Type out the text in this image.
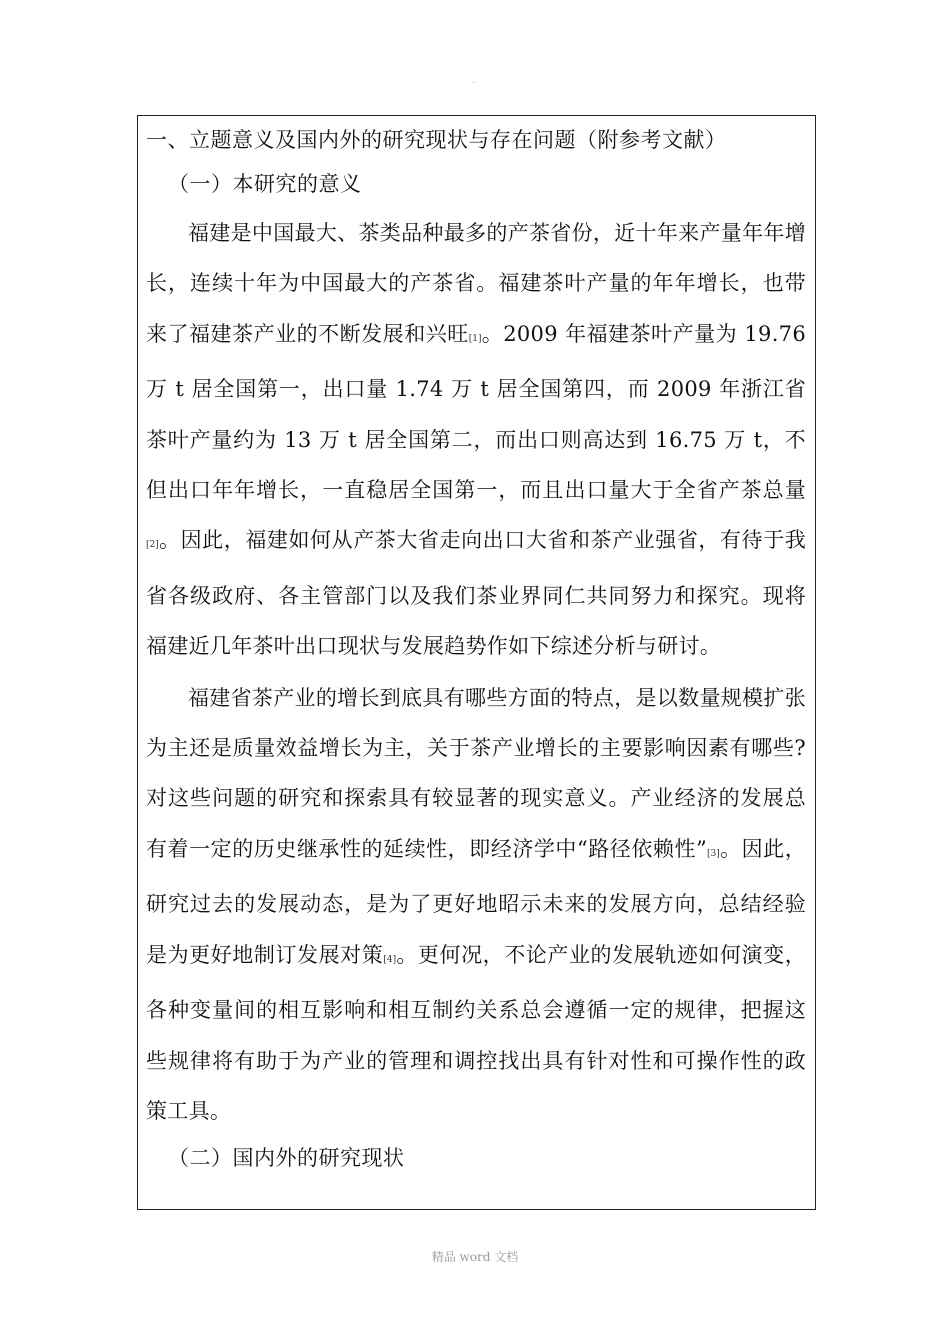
·
一、立题意义及国内外的研究现状与存在问题（附参考文献）
（一）本研究的意义

福建是中国最大、茶类品种最多的产茶省份，近十年来产量年年增长，连续十年为中国最大的产茶省。福建茶叶产量的年年增长，也带来了福建茶产业的不断发展和兴旺[1]。2009 年福建茶叶产量为 19.76 万 t 居全国第一，出口量 1.74 万 t 居全国第四，而 2009 年浙江省茶叶产量约为 13 万 t 居全国第二，而出口则高达到 16.75 万 t，不但出口年年增长，一直稳居全国第一，而且出口量大于全省产茶总量[2]。因此，福建如何从产茶大省走向出口大省和茶产业强省，有待于我省各级政府、各主管部门以及我们茶业界同仁共同努力和探究。现将福建近几年茶叶出口现状与发展趋势作如下综述分析与研讨。

福建省茶产业的增长到底具有哪些方面的特点，是以数量规模扩张为主还是质量效益增长为主，关于茶产业增长的主要影响因素有哪些?对这些问题的研究和探索具有较显著的现实意义。产业经济的发展总有着一定的历史继承性的延续性，即经济学中“路径依赖性”[3]。因此，研究过去的发展动态，是为了更好地昭示未来的发展方向，总结经验是为更好地制订发展对策[4]。更何况，不论产业的发展轨迹如何演变，各种变量间的相互影响和相互制约关系总会遵循一定的规律，把握这些规律将有助于为产业的管理和调控找出具有针对性和可操作性的政策工具。

（二）国内外的研究现状
精品 word 文档
